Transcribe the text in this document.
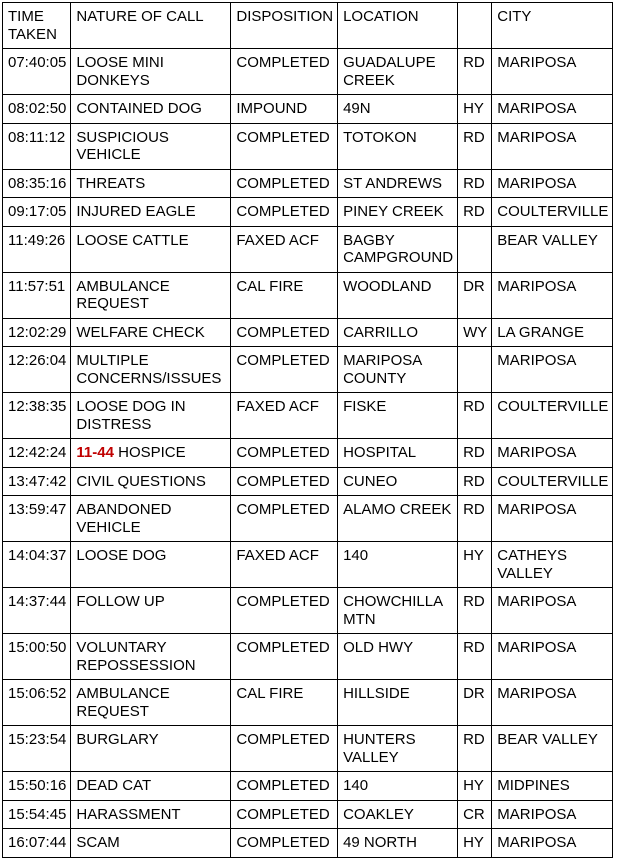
TIME TAKEN	NATURE OF CALL	DISPOSITION	LOCATION		CITY
07:40:05	LOOSE MINI DONKEYS	COMPLETED	GUADALUPE CREEK	RD	MARIPOSA
08:02:50	CONTAINED DOG	IMPOUND	49N	HY	MARIPOSA
08:11:12	SUSPICIOUS VEHICLE	COMPLETED	TOTOKON	RD	MARIPOSA
08:35:16	THREATS	COMPLETED	ST ANDREWS	RD	MARIPOSA
09:17:05	INJURED EAGLE	COMPLETED	PINEY CREEK	RD	COULTERVILLE
11:49:26	LOOSE CATTLE	FAXED ACF	BAGBY CAMPGROUND		BEAR VALLEY
11:57:51	AMBULANCE REQUEST	CAL FIRE	WOODLAND	DR	MARIPOSA
12:02:29	WELFARE CHECK	COMPLETED	CARRILLO	WY	LA GRANGE
12:26:04	MULTIPLE CONCERNS/ISSUES	COMPLETED	MARIPOSA COUNTY		MARIPOSA
12:38:35	LOOSE DOG IN DISTRESS	FAXED ACF	FISKE	RD	COULTERVILLE
12:42:24	11-44 HOSPICE	COMPLETED	HOSPITAL	RD	MARIPOSA
13:47:42	CIVIL QUESTIONS	COMPLETED	CUNEO	RD	COULTERVILLE
13:59:47	ABANDONED VEHICLE	COMPLETED	ALAMO CREEK	RD	MARIPOSA
14:04:37	LOOSE DOG	FAXED ACF	140	HY	CATHEYS VALLEY
14:37:44	FOLLOW UP	COMPLETED	CHOWCHILLA MTN	RD	MARIPOSA
15:00:50	VOLUNTARY REPOSSESSION	COMPLETED	OLD HWY	RD	MARIPOSA
15:06:52	AMBULANCE REQUEST	CAL FIRE	HILLSIDE	DR	MARIPOSA
15:23:54	BURGLARY	COMPLETED	HUNTERS VALLEY	RD	BEAR VALLEY
15:50:16	DEAD CAT	COMPLETED	140	HY	MIDPINES
15:54:45	HARASSMENT	COMPLETED	COAKLEY	CR	MARIPOSA
16:07:44	SCAM	COMPLETED	49 NORTH	HY	MARIPOSA
